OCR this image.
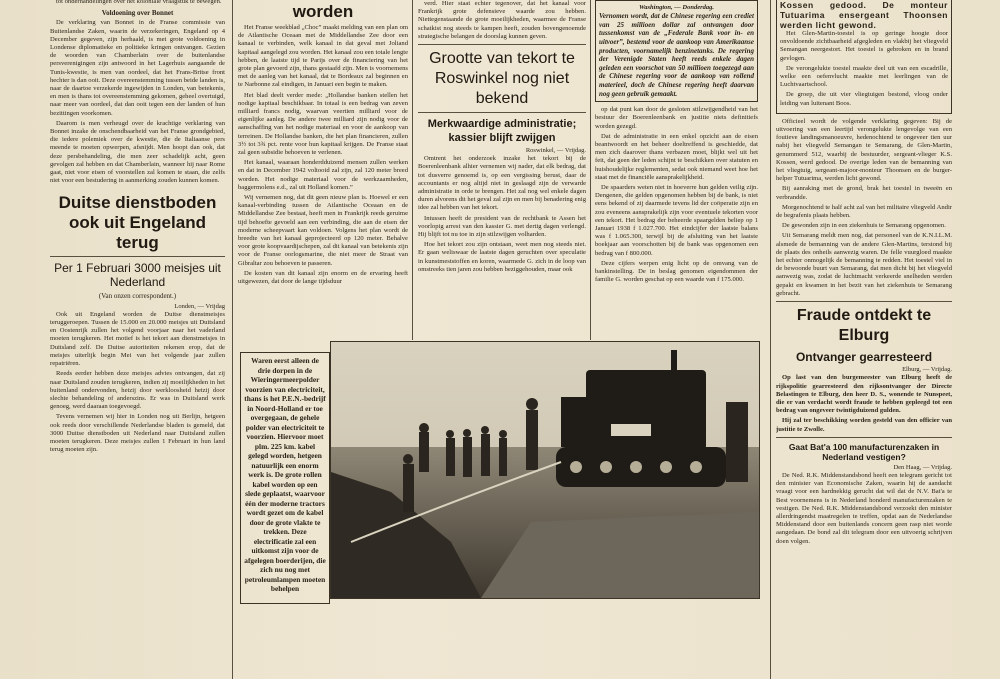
tot onderhandelingen over het koloniale vraagstuk te bewegen.

Voldoening over Bonnet

De verklaring van Bonnet in de Franse commissie van Buitenlandse Zaken, waarin de verzekeringen, Engeland op 4 December gegeven, zijn herhaald, is met grote voldoening in Londense diplomatieke en politieke kringen ontvangen. Gezien de woorden van Chamberlain over de buitenlandse persverenigingen zijn antwoord in het Lagerhuis aangaande de Tunis-kwestie, is men van oordeel, dat het Frans-Britse front hechter is dan ooit. Deze overeenstemming tussen beide landen is, naar de daartoe verzekerde ingewijden in Londen, van betekenis, en men is thans tot overeenstemming gekomen, geheel overtuigd, naar meer van oordeel, dat dan ooit tegen een der landen of hun bezittingen voorkomen.

Daarom is men verheugd over de krachtige verklaring van Bonnet inzake de onschendbaarheid van het Franse grondgebied, die iedere polemiek over de kwestie, die de Italiaanse pers meende te moeten opwerpen, afsnijdt. Men hoopt dan ook, dat deze persbehandeling, die men zeer schadelijk acht, geen gevolgen zal hebben en dat Chamberlain, wanneer hij naar Rome gaat, niet voor eisen of voorstellen zal komen te staan, die zelfs niet voor een bestudering in aanmerking zouden kunnen komen.

Duitse dienstboden ook uit Engeland terug
Per 1 Februari 3000 meisjes uit Nederland
(Van onzen correspondent.)
Londen, — Vrijdag

Ook uit Engeland worden de Duitse dienstmeisjes teruggeroepen. Tussen de 15.000 en 20.000 meisjes uit Duitsland en Oostenrijk zullen het volgend voorjaar naar het vaderland moeten terugkeren. Het motief is het tekort aan dienstmeisjes in Duitsland zelf. De Duitse autoriteiten rekenen erop, dat de meisjes uiterlijk begin Mei van het volgende jaar zullen repatriëren.

Reeds eerder hebben deze meisjes advies ontvangen, dat zij naar Duitsland zouden terugkeren, indien zij moeilijkheden in het buitenland ondervonden, hetzij door werkloosheid hetzij door slechte behandeling of anderszins. Er was in Duitsland werk genoeg, werd daaraan toegevoegd.

Tevens vernemen wij hier in Londen nog uit Berlijn, hetgeen ook reeds door verschillende Nederlandse bladen is gemeld, dat 3000 Duitse dienstboden uit Nederland naar Duitsland zullen moeten terugkeren. Deze meisjes zullen 1 Februari in hun land terug moeten zijn.

worden

Het Franse weekblad „Choc” maakt melding van een plan om de Atlantische Oceaan met de Middellandse Zee door een kanaal te verbinden, welk kanaal in dat geval met Joliand kapitaal aangelegd zou worden. Het kanaal zou een totale lengte hebben, de laatste tijd te Parijs over de financiering van het grote plan gevoerd zijn, thans gestaafd zijn. Men is voornemens met de aanleg van het kanaal, dat te Bordeaux zal beginnen en te Narbonne zal eindigen, in Januari een begin te maken.

Het blad deelt verder mede: „Hollandse banken stellen het nodige kapitaal beschikbaar. In totaal is een bedrag van zeven milliard francs nodig, waarvan veertien milliard voor de eigenlijke aanleg. De andere twee milliard zijn nodig voor de aanschaffing van het nodige materiaal en voor de aankoop van terreinen. De Hollandse banken, die het plan financieren, zullen 3½ tot 3¾ pct. rente voor hun kapitaal krijgen. De Franse staat zal geen subsidie behoeven te verlenen.

Het kanaal, waaraan honderdduizend mensen zullen werken en dat in December 1942 voltooid zal zijn, zal 120 meter breed worden. Het nodige materiaal voor de werkzaamheden, baggermolens e.d., zal uit Holland komen.”

Wij vernemen nog, dat dit geen nieuw plan is. Hoewel er een kanaal-verbinding tussen de Atlantische Oceaan en de Middellandse Zee bestaat, heeft men in Frankrijk reeds geruime tijd behoefte gevoeld aan een verbinding, die aan de eisen der moderne scheepvaart kan voldoen. Volgens het plan wordt de breedte van het kanaal geprojecteerd op 120 meter. Behalve voor grote koopvaardijschepen, zal dit kanaal van betekenis zijn voor de Franse oorlogsmarine, die niet meer de Straat van Gibraltar zou behoeven te passeren.

De kosten van dit kanaal zijn enorm en de ervaring heeft uitgewezen, dat door de lange tijdsduur

Waren eerst alleen de drie dorpen in de Wieringermeerpolder voorzien van electriciteit, thans is het P.E.N.-bedrijf in Noord-Holland er toe overgegaan, de gehele polder van electriciteit te voorzien. Hiervoor moet plm. 225 km. kabel gelegd worden, hetgeen natuurlijk een enorm werk is. De grote rollen kabel worden op een slede geplaatst, waarvoor één der moderne tractors wordt gezet om de kabel door de grote vlakte te trekken. Deze electrificatie zal een uitkomst zijn voor de afgelegen boerderijen, die zich nu nog met petroleumlampen moeten behelpen

verd. Hier staat echter tegenover, dat het kanaal voor Frankrijk grote defensieve waarde zou hebben. Niettegenstaande de grote moeilijkheden, waarmee de Franse schatkist nog steeds te kampen heeft, zouden bovengenoemde strategische belangen de doorslag kunnen geven.

Grootte van tekort te Roswinkel nog niet bekend
Merkwaardige administratie; kassier blijft zwijgen
Roswinkel, — Vrijdag.

Omtrent het onderzoek inzake het tekort bij de Boerenleenbank alhier vernemen wij nader, dat elk bedrag, dat tot dusverre genoemd is, op een vergissing berust, daar de accountants er nog altijd niet in geslaagd zijn de verwarde administratie in orde te brengen. Het zal nog wel enkele dagen duren alvorens dit het geval zal zijn en men bij benadering enig idee zal hebben van het tekort.

Intussen heeft de president van de rechtbank te Assen het voorlopig arrest van den kassier G. met dertig dagen verlengd. Hij blijft tot nu toe in zijn stilzwijgen volharden.

Hoe het tekort zou zijn ontstaan, weet men nog steeds niet. Er gaan weliswaar de laatste dagen geruchten over speculatie in kunstmeststoffen en koren, waarmede G. zich in de loop van omstreeks tien jaren zou hebben beziggehouden, maar ook

Washington, — Donderdag.
Vernomen wordt, dat de Chinese regering een crediet van 25 millioen dollar zal ontvangen door tussenkomst van de „Federale Bank voor in- en uitvoer”, bestemd voor de aankoop van Amerikaanse producten, voornamelijk benzinetanks. De regering der Verenigde Staten heeft reeds enkele dagen geleden een voorschot van 50 millioen toegezegd aan de Chinese regering voor de aankoop van rollend materieel, doch de Chinese regering heeft daarvan nog geen gebruik gemaakt.

op dat punt kan door de gesloten stilzwijgendheid van het bestuur der Boerenleenbank en justitie niets definitiefs worden gezegd.

Dat de administratie in een enkel opzicht aan de eisen beantwoordt en het beheer doeltreffend is geschiedde, dat men zich daarover thans verbazen moet, blijkt wel uit het feit, dat geen der leden schijnt te beschikken over statuten en huishoudelijke reglementen, sedat ook niemand weet hoe het staat met de financiële aansprakelijkheid.

De spaarders weten niet in hoeverre hun gelden veilig zijn. Dengenen, die gelden opgenomen hebben bij de bank, is niet eens bekend of zij daarmede tevens lid der coöperatie zijn en zou eveneens aansprakelijk zijn voor eventuele tekorten voor een tekort. Het bedrag der beheerde spaargelden beliep op 1 Januari 1938 f 1.027.700. Het eindcijfer der laatste balans was f 1.065.300, terwijl bij de afsluiting van het laatste boekjaar aan voorschotten bij de bank was opgenomen een bedrag van f 800.000.

Deze cijfers werpen enig licht op de omvang van de bankinstelling. De in beslag genomen eigendommen der familie G. worden geschat op een waarde van f 175.000.

Kossen gedood. De monteur Tutuarima ensergeant Thoonsen werden licht gewond.

Het Glen-Martin-toestel is op geringe hoogte door onvoldoende zichtbaarheid afgegleden en vlakbij het vliegveld Semangan neergestort. Het toestel is gebroken en in brand gevlogen.

De verongelukte toestel maakte deel uit van een escadrille, welke een oefenvlucht maakte met leerlingen van de Luchtvaartschool.

De groep, die uit vier vliegtuigen bestond, vloog onder leiding van luitenant Boos.

Officieel wordt de volgende verklaring gegeven: Bij de uitvoering van een leertijd verongelukte lengevolge van een foutieve landingsmanoeuvre, hedenochtend te ongeveer tien uur nabij het vliegveld Semangan te Semarang, de Glen-Martin, genummerd 512, waarbij de bestuurder, sergeant-vlieger K.S. Kossen, werd gedood. De overige leden van de bemanning van het vliegtuig, sergeant-majoor-monteur Thoonsen en de burger-helper Tutuarima, werden licht gewond.

Bij aanraking met de grond, brak het toestel in tweeën en verbrandde.

Morgenochtend te half acht zal van het militaire vliegveld Andir de begrafenis plaats hebben.

De gewonden zijn in een ziekenhuis te Semarang opgenomen.

Uit Semarang meldt men nog, dat personeel van de K.N.I.L.M. alsmede de bemanning van de andere Glen-Martins, terstond bij de plaats des onheils aanwezig waren. De felle vuurgloed maakte het echter onmogelijk de bemanning te redden. Het toestel viel in de bewoonde buurt van Semarang, dat men dicht bij het vliegveld aanwezig was, zodat de luchtmacht verkeerde snelheden werden gepakt en kwamen in het bezit van het ziekenhuis te Semarang gebracht.

Fraude ontdekt te Elburg
Ontvanger gearresteerd
Elburg, — Vrijdag.

Op last van den burgemeester van Elburg heeft de rijkspolitie gearresteerd den rijksontvanger der Directe Belastingen te Elburg, den heer D. S., wonende te Nunspeet, die er van verdacht wordt fraude te hebben gepleegd tot een bedrag van ongeveer twintigduizend gulden.

Hij zal ter beschikking worden gesteld van den officier van justitie te Zwolle.

Gaat Bat'a 100 manufacturenzaken in Nederland vestigen?
Den Haag, — Vrijdag.

De Ned. R.K. Middenstandsbond heeft een telegram gericht tot den minister van Economische Zaken, waarin hij de aandacht vraagt voor een hardnekkig gerucht dat wil dat de N.V. Bat'a te Best voornemens is in Nederland honderd manufacturenzaken te vestigen. De Ned. R.K. Middenstandsbond verzoekt den minister allerdringendst maatregelen te treffen, opdat aan de Nederlandse Middenstand door een buitenlands concern geen rasp niet worde aangedaan. De bond zal dit telegram door een uitvoerig schrijven doen volgen.
